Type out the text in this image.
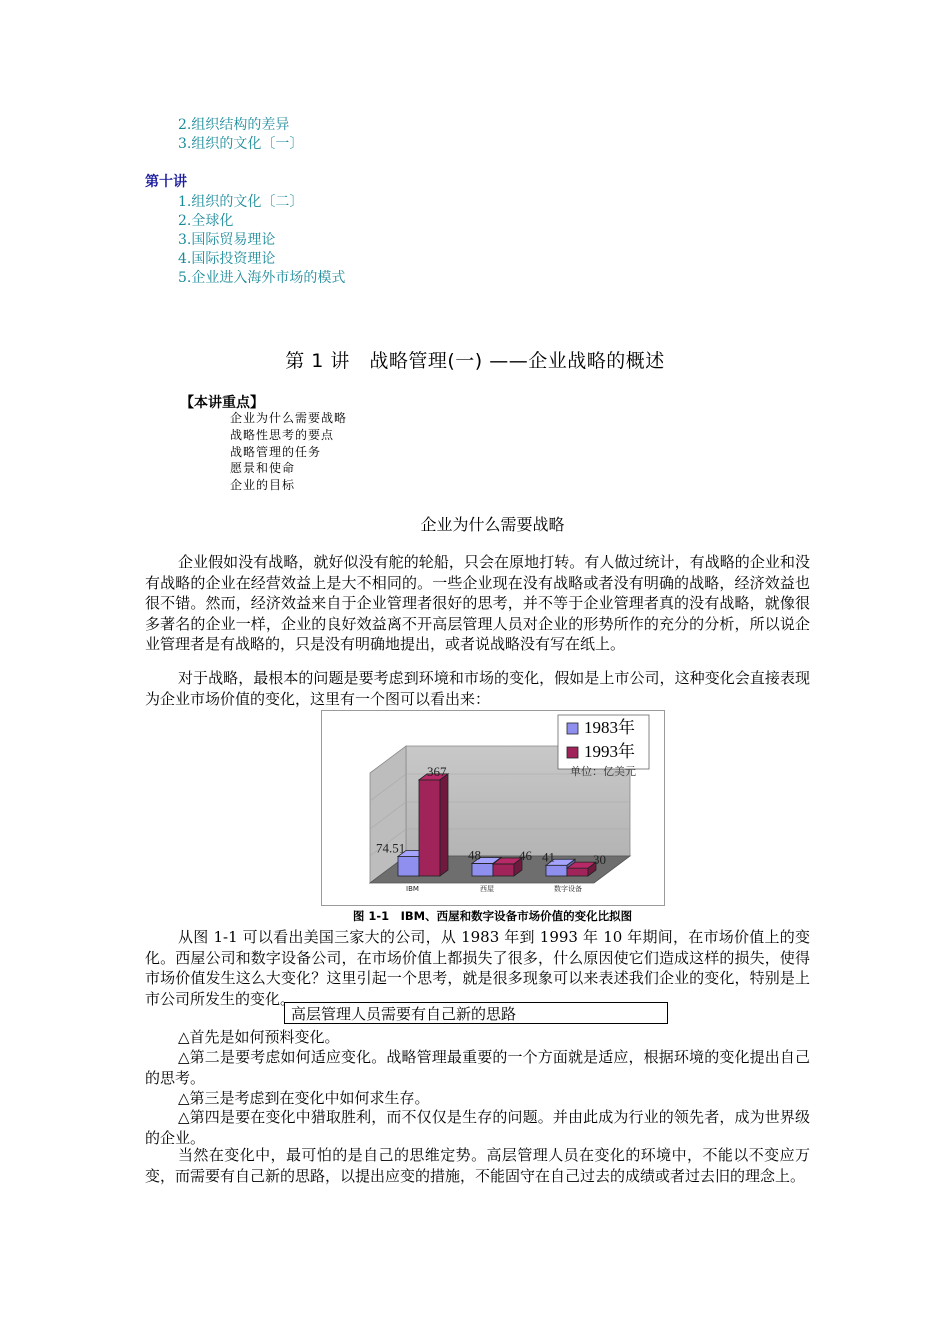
2.组织结构的差异
3.组织的文化〔一〕
第十讲
1.组织的文化〔二〕
2.全球化
3.国际贸易理论
4.国际投资理论
5.企业进入海外市场的模式
第 1 讲　战略管理(一) ——企业战略的概述
【本讲重点】
企业为什么需要战略
战略性思考的要点
战略管理的任务
愿景和使命
企业的目标
企业为什么需要战略
企业假如没有战略，就好似没有舵的轮船，只会在原地打转。有人做过统计，有战略的企业和没有战略的企业在经营效益上是大不相同的。一些企业现在没有战略或者没有明确的战略，经济效益也很不错。然而，经济效益来自于企业管理者很好的思考，并不等于企业管理者真的没有战略，就像很多著名的企业一样，企业的良好效益离不开高层管理人员对企业的形势所作的充分的分析，所以说企业管理者是有战略的，只是没有明确地提出，或者说战略没有写在纸上。
对于战略，最根本的问题是要考虑到环境和市场的变化，假如是上市公司，这种变化会直接表现为企业市场价值的变化，这里有一个图可以看出来：
74.51
367
48	46 41	30
IBM	西屋	数字设备
1983年
1993年
单位：亿美元
图 1-1　IBM、西屋和数字设备市场价值的变化比拟图
从图 1-1 可以看出美国三家大的公司，从 1983 年到 1993 年 10 年期间，在市场价值上的变化。西屋公司和数字设备公司，在市场价值上都损失了很多，什么原因使它们造成这样的损失，使得市场价值发生这么大变化？这里引起一个思考，就是很多现象可以来表述我们企业的变化，特别是上市公司所发生的变化。
高层管理人员需要有自己新的思路
△首先是如何预料变化。
△第二是要考虑如何适应变化。战略管理最重要的一个方面就是适应，根据环境的变化提出自己的思考。
△第三是考虑到在变化中如何求生存。
△第四是要在变化中猎取胜利，而不仅仅是生存的问题。并由此成为行业的领先者，成为世界级的企业。
当然在变化中，最可怕的是自己的思维定势。高层管理人员在变化的环境中，不能以不变应万变，而需要有自己新的思路，以提出应变的措施，不能固守在自己过去的成绩或者过去旧的理念上。
